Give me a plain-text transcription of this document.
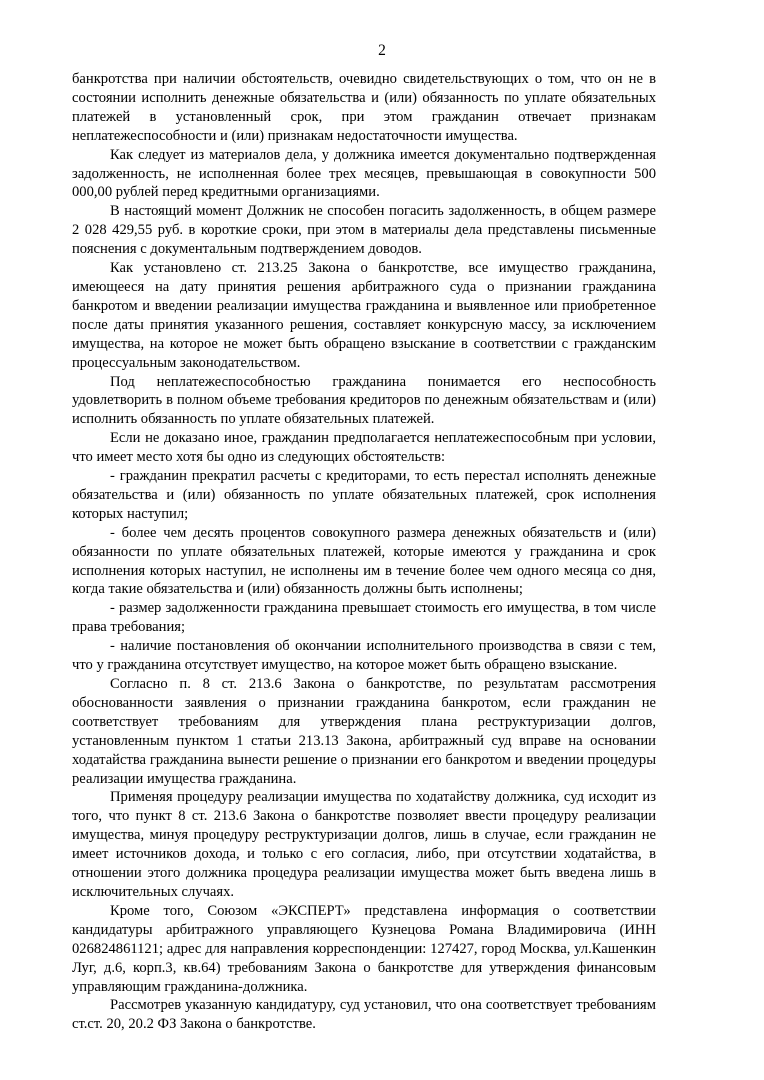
2

банкротства при наличии обстоятельств, очевидно свидетельствующих о том, что он не в состоянии исполнить денежные обязательства и (или) обязанность по уплате обязательных платежей в установленный срок, при этом гражданин отвечает признакам неплатежеспособности и (или) признакам недостаточности имущества.

Как следует из материалов дела, у должника имеется документально подтвержденная задолженность, не исполненная более трех месяцев, превышающая в совокупности 500 000,00 рублей перед кредитными организациями.

В настоящий момент Должник не способен погасить задолженность, в общем размере 2 028 429,55 руб. в короткие сроки, при этом в материалы дела представлены письменные пояснения с документальным подтверждением доводов.

Как установлено ст. 213.25 Закона о банкротстве, все имущество гражданина, имеющееся на дату принятия решения арбитражного суда о признании гражданина банкротом и введении реализации имущества гражданина и выявленное или приобретенное после даты принятия указанного решения, составляет конкурсную массу, за исключением имущества, на которое не может быть обращено взыскание в соответствии с гражданским процессуальным законодательством.

Под неплатежеспособностью гражданина понимается его неспособность удовлетворить в полном объеме требования кредиторов по денежным обязательствам и (или) исполнить обязанность по уплате обязательных платежей.

Если не доказано иное, гражданин предполагается неплатежеспособным при условии, что имеет место хотя бы одно из следующих обстоятельств:

- гражданин прекратил расчеты с кредиторами, то есть перестал исполнять денежные обязательства и (или) обязанность по уплате обязательных платежей, срок исполнения которых наступил;

- более чем десять процентов совокупного размера денежных обязательств и (или) обязанности по уплате обязательных платежей, которые имеются у гражданина и срок исполнения которых наступил, не исполнены им в течение более чем одного месяца со дня, когда такие обязательства и (или) обязанность должны быть исполнены;

- размер задолженности гражданина превышает стоимость его имущества, в том числе права требования;

- наличие постановления об окончании исполнительного производства в связи с тем, что у гражданина отсутствует имущество, на которое может быть обращено взыскание.

Согласно п. 8 ст. 213.6 Закона о банкротстве, по результатам рассмотрения обоснованности заявления о признании гражданина банкротом, если гражданин не соответствует требованиям для утверждения плана реструктуризации долгов, установленным пунктом 1 статьи 213.13 Закона, арбитражный суд вправе на основании ходатайства гражданина вынести решение о признании его банкротом и введении процедуры реализации имущества гражданина.

Применяя процедуру реализации имущества по ходатайству должника, суд исходит из того, что пункт 8 ст. 213.6 Закона о банкротстве позволяет ввести процедуру реализации имущества, минуя процедуру реструктуризации долгов, лишь в случае, если гражданин не имеет источников дохода, и только с его согласия, либо, при отсутствии ходатайства, в отношении этого должника процедура реализации имущества может быть введена лишь в исключительных случаях.

Кроме того, Союзом «ЭКСПЕРТ» представлена информация о соответствии кандидатуры арбитражного управляющего Кузнецова Романа Владимировича (ИНН 026824861121; адрес для направления корреспонденции: 127427, город Москва, ул.Кашенкин Луг, д.6, корп.3, кв.64) требованиям Закона о банкротстве для утверждения финансовым управляющим гражданина-должника.

Рассмотрев указанную кандидатуру, суд установил, что она соответствует требованиям ст.ст. 20, 20.2 ФЗ Закона о банкротстве.
